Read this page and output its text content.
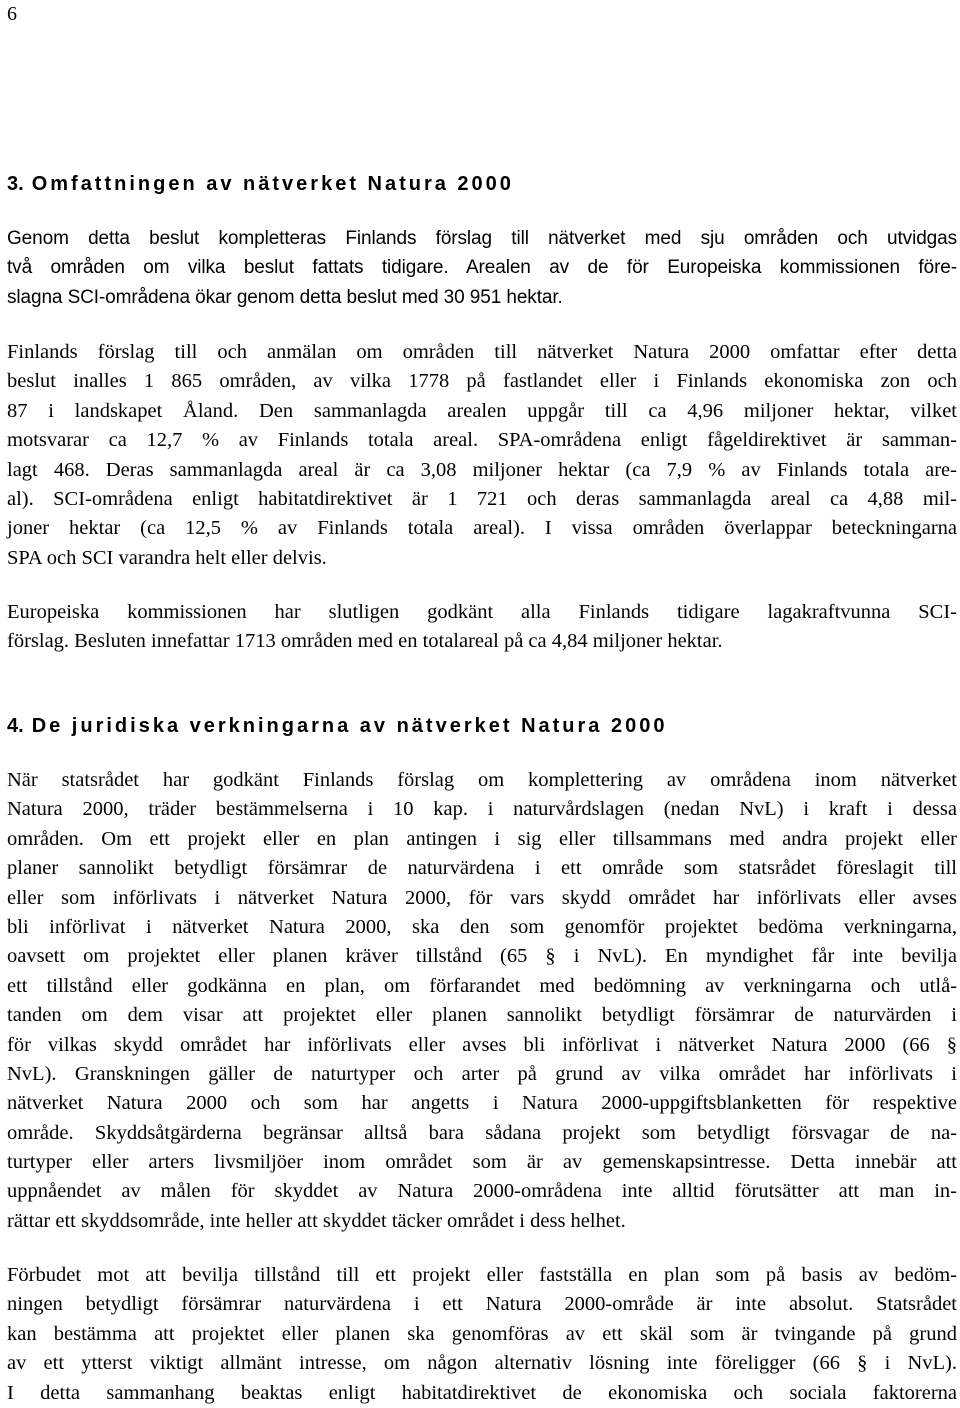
6
3. Omfattningen av nätverket Natura 2000
Genom detta beslut kompletteras Finlands förslag till nätverket med sju områden och utvidgas
två områden om vilka beslut fattats tidigare. Arealen av de för Europeiska kommissionen före-
slagna SCI-områdena ökar genom detta beslut med 30 951 hektar.
Finlands förslag till och anmälan om områden till nätverket Natura 2000 omfattar efter detta
beslut inalles 1 865 områden, av vilka 1778 på fastlandet eller i Finlands ekonomiska zon och
87 i landskapet Åland. Den sammanlagda arealen uppgår till ca 4,96 miljoner hektar, vilket
motsvarar ca 12,7 % av Finlands totala areal. SPA-områdena enligt fågeldirektivet är samman-
lagt 468. Deras sammanlagda areal är ca 3,08 miljoner hektar (ca 7,9 % av Finlands totala are-
al). SCI-områdena enligt habitatdirektivet är 1 721 och deras sammanlagda areal ca 4,88 mil-
joner hektar (ca 12,5 % av Finlands totala areal). I vissa områden överlappar beteckningarna
SPA och SCI varandra helt eller delvis.
Europeiska kommissionen har slutligen godkänt alla Finlands tidigare lagakraftvunna SCI-
förslag. Besluten innefattar 1713 områden med en totalareal på ca 4,84 miljoner hektar.
4. De juridiska verkningarna av nätverket Natura 2000
När statsrådet har godkänt Finlands förslag om komplettering av områdena inom nätverket
Natura 2000, träder bestämmelserna i 10 kap. i naturvårdslagen (nedan NvL) i kraft i dessa
områden. Om ett projekt eller en plan antingen i sig eller tillsammans med andra projekt eller
planer sannolikt betydligt försämrar de naturvärdena i ett område som statsrådet föreslagit till
eller som införlivats i nätverket Natura 2000, för vars skydd området har införlivats eller avses
bli införlivat i nätverket Natura 2000, ska den som genomför projektet bedöma verkningarna,
oavsett om projektet eller planen kräver tillstånd (65 § i NvL). En myndighet får inte bevilja
ett tillstånd eller godkänna en plan, om förfarandet med bedömning av verkningarna och utlå-
tanden om dem visar att projektet eller planen sannolikt betydligt försämrar de naturvärden i
för vilkas skydd området har införlivats eller avses bli införlivat i nätverket Natura 2000 (66 §
NvL). Granskningen gäller de naturtyper och arter på grund av vilka området har införlivats i
nätverket Natura 2000 och som har angetts i Natura 2000-uppgiftsblanketten för respektive
område. Skyddsåtgärderna begränsar alltså bara sådana projekt som betydligt försvagar de na-
turtyper eller arters livsmiljöer inom området som är av gemenskapsintresse. Detta innebär att
uppnåendet av målen för skyddet av Natura 2000-områdena inte alltid förutsätter att man in-
rättar ett skyddsområde, inte heller att skyddet täcker området i dess helhet.
Förbudet mot att bevilja tillstånd till ett projekt eller fastställa en plan som på basis av bedöm-
ningen betydligt försämrar naturvärdena i ett Natura 2000-område är inte absolut. Statsrådet
kan bestämma att projektet eller planen ska genomföras av ett skäl som är tvingande på grund
av ett ytterst viktigt allmänt intresse, om någon alternativ lösning inte föreligger (66 § i NvL).
I detta sammanhang beaktas enligt habitatdirektivet de ekonomiska och sociala faktorerna
